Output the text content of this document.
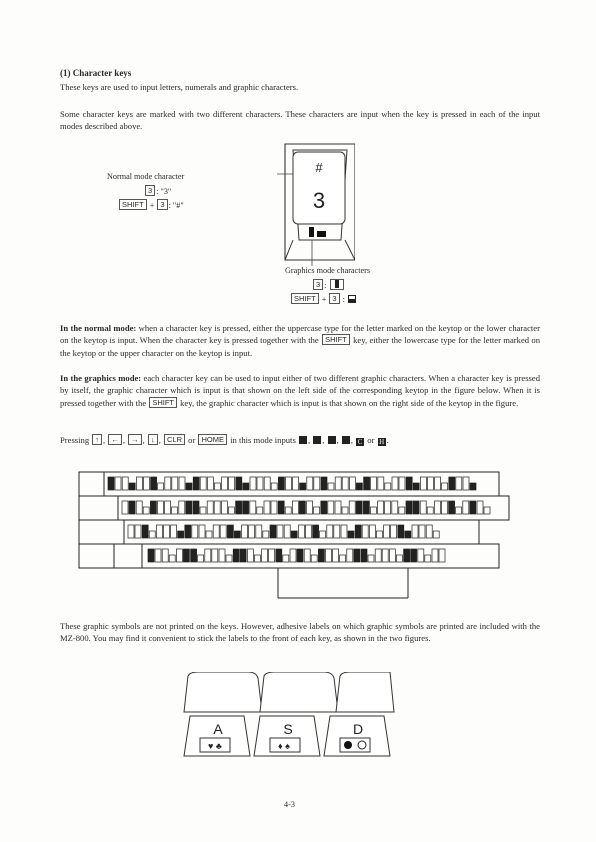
(1) Character keys
These keys are used to input letters, numerals and graphic characters.
Some character keys are marked with two different characters. These characters are input when the key is pressed in each of the input modes described above.
Normal mode character
3 : "3"
SHIFT + 3 : "#"
#
3
Graphics mode characters
3 :
SHIFT + 3 :
In the normal mode: when a character key is pressed, either the uppercase type for the letter marked on the keytop or the lower character on the keytop is input. When the character key is pressed together with the SHIFT key, either the lowercase type for the letter marked on the keytop or the upper character on the keytop is input.
In the graphics mode: each character key can be used to input either of two different graphic characters. When a character key is pressed by itself, the graphic character which is input is that shown on the left side of the corresponding keytop in the figure below. When it is pressed together with the SHIFT key, the graphic character which is input is that shown on the right side of the keytop in the figure.
Pressing ↑ , ← , → , ↓ , CLR or HOME in this mode inputs , , , , C or H .
These graphic symbols are not printed on the keys. However, adhesive labels on which graphic symbols are printed are included with the MZ-800. You may find it convenient to stick the labels to the front of each key, as shown in the two figures.
A	S	D
♥ ♣	♦ ♠
4-3
